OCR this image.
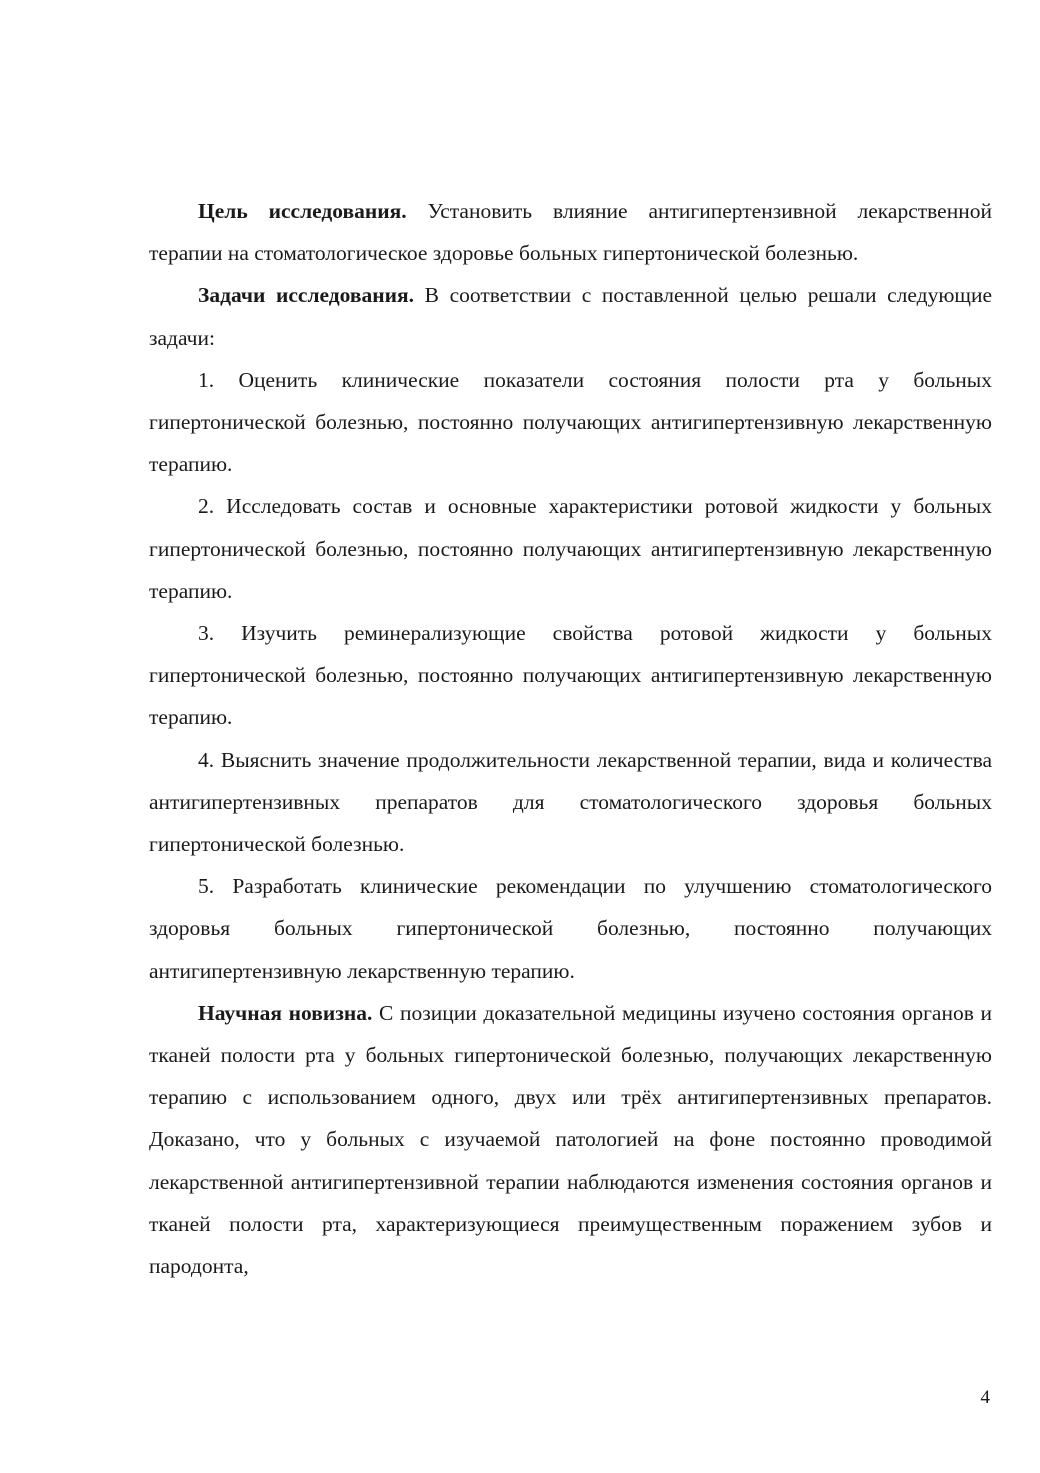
Цель исследования. Установить влияние антигипертензивной лекарственной терапии на стоматологическое здоровье больных гипертонической болезнью.

Задачи исследования. В соответствии с поставленной целью решали следующие задачи:

1. Оценить клинические показатели состояния полости рта у больных гипертонической болезнью, постоянно получающих антигипертензивную лекарственную терапию.

2. Исследовать состав и основные характеристики ротовой жидкости у больных гипертонической болезнью, постоянно получающих антигипертензивную лекарственную терапию.

3. Изучить реминерализующие свойства ротовой жидкости у больных гипертонической болезнью, постоянно получающих антигипертензивную лекарственную терапию.

4. Выяснить значение продолжительности лекарственной терапии, вида и количества антигипертензивных препаратов для стоматологического здоровья больных гипертонической болезнью.

5. Разработать клинические рекомендации по улучшению стоматологического здоровья больных гипертонической болезнью, постоянно получающих антигипертензивную лекарственную терапию.

Научная новизна. С позиции доказательной медицины изучено состояния органов и тканей полости рта у больных гипертонической болезнью, получающих лекарственную терапию с использованием одного, двух или трёх антигипертензивных препаратов. Доказано, что у больных с изучаемой патологией на фоне постоянно проводимой лекарственной антигипертензивной терапии наблюдаются изменения состояния органов и тканей полости рта, характеризующиеся преимущественным поражением зубов и пародонта,

4
